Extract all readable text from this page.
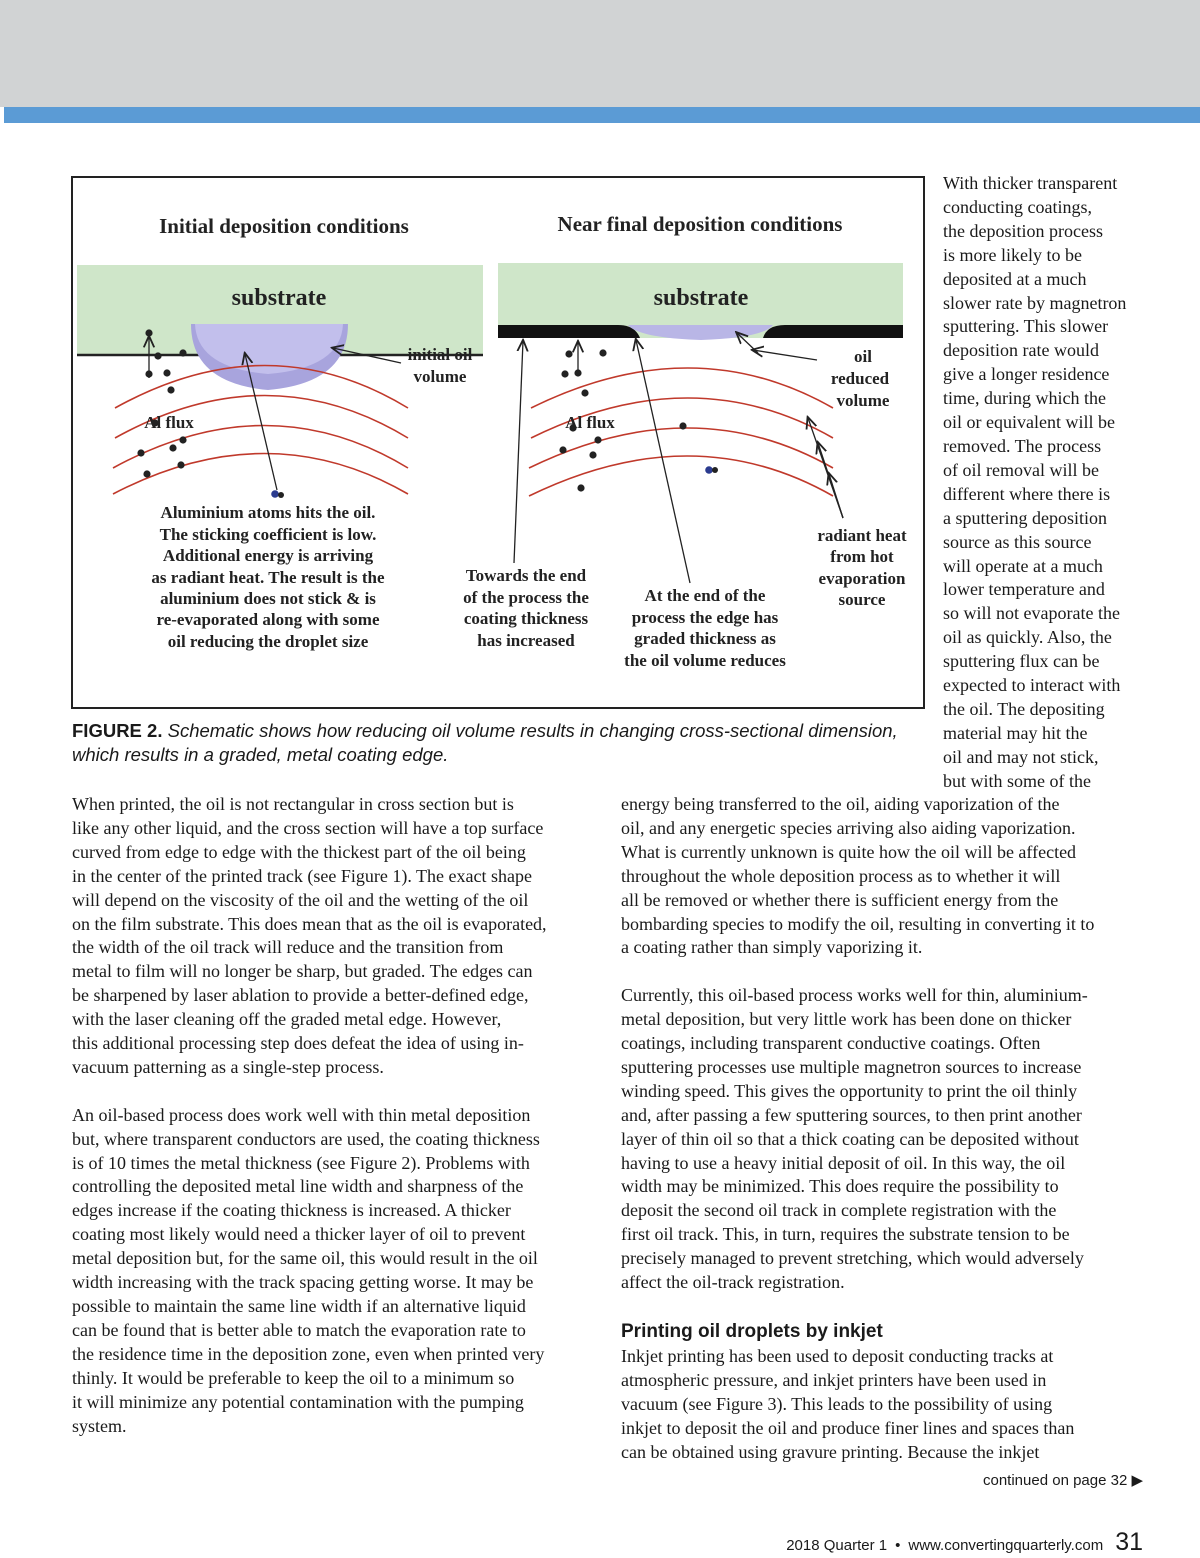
Initial deposition conditions
substrate
initial oil
volume
Al flux
Aluminium atoms hits the oil.
The sticking coefficient is low.
Additional energy is arriving
as radiant heat. The result is the
aluminium does not stick & is
re-evaporated along with some
oil reducing the droplet size
Near final deposition conditions
substrate
Al flux
oil
reduced
volume
radiant heat
from hot
evaporation
source
Towards the end
of the process the
coating thickness
has increased
At the end of the
process the edge has
graded thickness as
the oil volume reduces
With thicker transparent
conducting coatings,
the deposition process
is more likely to be
deposited at a much
slower rate by magnetron
sputtering. This slower
deposition rate would
give a longer residence
time, during which the
oil or equivalent will be
removed. The process
of oil removal will be
different where there is
a sputtering deposition
source as this source
will operate at a much
lower temperature and
so will not evaporate the
oil as quickly. Also, the
sputtering flux can be
expected to interact with
the oil. The depositing
material may hit the
oil and may not stick,
but with some of the
FIGURE 2. Schematic shows how reducing oil volume results in changing cross-sectional dimension, which results in a graded, metal coating edge.
When printed, the oil is not rectangular in cross section but is
like any other liquid, and the cross section will have a top surface
curved from edge to edge with the thickest part of the oil being
in the center of the printed track (see Figure 1). The exact shape
will depend on the viscosity of the oil and the wetting of the oil
on the film substrate. This does mean that as the oil is evaporated,
the width of the oil track will reduce and the transition from
metal to film will no longer be sharp, but graded. The edges can
be sharpened by laser ablation to provide a better-defined edge,
with the laser cleaning off the graded metal edge. However,
this additional processing step does defeat the idea of using in-
vacuum patterning as a single-step process.
An oil-based process does work well with thin metal deposition
but, where transparent conductors are used, the coating thickness
is of 10 times the metal thickness (see Figure 2). Problems with
controlling the deposited metal line width and sharpness of the
edges increase if the coating thickness is increased. A thicker
coating most likely would need a thicker layer of oil to prevent
metal deposition but, for the same oil, this would result in the oil
width increasing with the track spacing getting worse. It may be
possible to maintain the same line width if an alternative liquid
can be found that is better able to match the evaporation rate to
the residence time in the deposition zone, even when printed very
thinly. It would be preferable to keep the oil to a minimum so
it will minimize any potential contamination with the pumping
system.
energy being transferred to the oil, aiding vaporization of the
oil, and any energetic species arriving also aiding vaporization.
What is currently unknown is quite how the oil will be affected
throughout the whole deposition process as to whether it will
all be removed or whether there is sufficient energy from the
bombarding species to modify the oil, resulting in converting it to
a coating rather than simply vaporizing it.
Currently, this oil-based process works well for thin, aluminium-
metal deposition, but very little work has been done on thicker
coatings, including transparent conductive coatings. Often
sputtering processes use multiple magnetron sources to increase
winding speed. This gives the opportunity to print the oil thinly
and, after passing a few sputtering sources, to then print another
layer of thin oil so that a thick coating can be deposited without
having to use a heavy initial deposit of oil. In this way, the oil
width may be minimized. This does require the possibility to
deposit the second oil track in complete registration with the
first oil track. This, in turn, requires the substrate tension to be
precisely managed to prevent stretching, which would adversely
affect the oil-track registration.
Printing oil droplets by inkjet
Inkjet printing has been used to deposit conducting tracks at
atmospheric pressure, and inkjet printers have been used in
vacuum (see Figure 3). This leads to the possibility of using
inkjet to deposit the oil and produce finer lines and spaces than
can be obtained using gravure printing. Because the inkjet
continued on page 32 ▶
2018 Quarter 1 • www.convertingquarterly.com 31
